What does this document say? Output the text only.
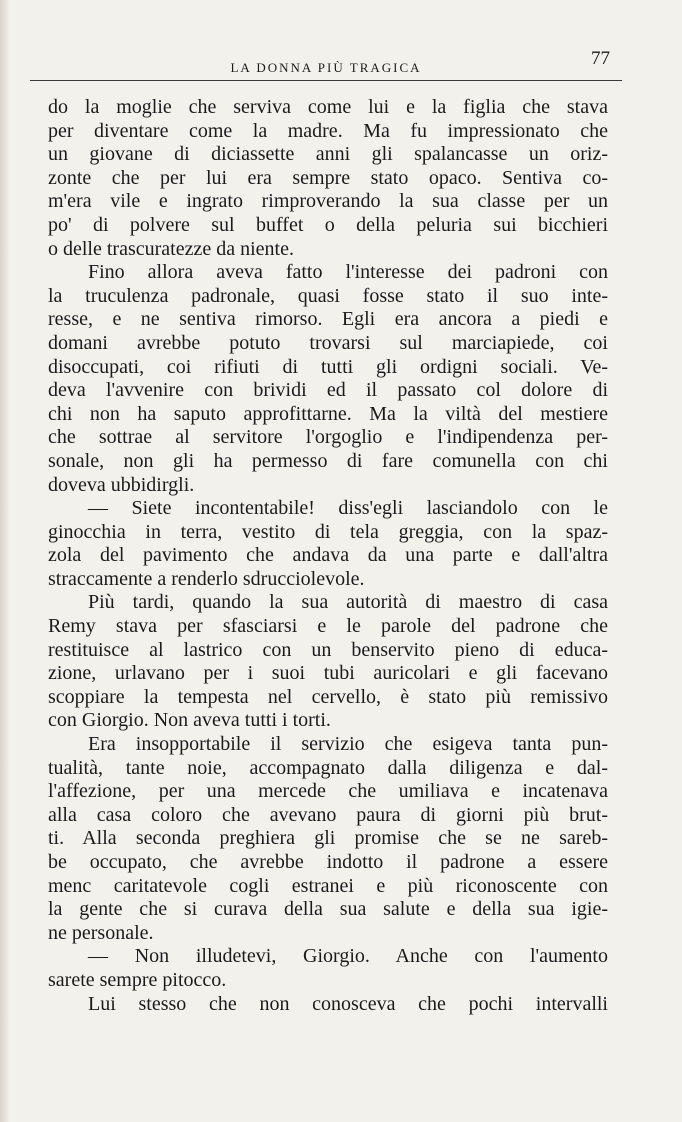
LA DONNA PIÙ TRAGICA	77
do la moglie che serviva come lui e la figlia che stava
per diventare come la madre. Ma fu impressionato che
un giovane di diciassette anni gli spalancasse un oriz-
zonte che per lui era sempre stato opaco. Sentiva co-
m'era vile e ingrato rimproverando la sua classe per un
po' di polvere sul buffet o della peluria sui bicchieri
o delle trascuratezze da niente.
Fino allora aveva fatto l'interesse dei padroni con
la truculenza padronale, quasi fosse stato il suo inte-
resse, e ne sentiva rimorso. Egli era ancora a piedi e
domani avrebbe potuto trovarsi sul marciapiede, coi
disoccupati, coi rifiuti di tutti gli ordigni sociali. Ve-
deva l'avvenire con brividi ed il passato col dolore di
chi non ha saputo approfittarne. Ma la viltà del mestiere
che sottrae al servitore l'orgoglio e l'indipendenza per-
sonale, non gli ha permesso di fare comunella con chi
doveva ubbidirgli.
— Siete incontentabile! diss'egli lasciandolo con le
ginocchia in terra, vestito di tela greggia, con la spaz-
zola del pavimento che andava da una parte e dall'altra
straccamente a renderlo sdrucciolevole.
Più tardi, quando la sua autorità di maestro di casa
Remy stava per sfasciarsi e le parole del padrone che
restituisce al lastrico con un benservito pieno di educa-
zione, urlavano per i suoi tubi auricolari e gli facevano
scoppiare la tempesta nel cervello, è stato più remissivo
con Giorgio. Non aveva tutti i torti.
Era insopportabile il servizio che esigeva tanta pun-
tualità, tante noie, accompagnato dalla diligenza e dal-
l'affezione, per una mercede che umiliava e incatenava
alla casa coloro che avevano paura di giorni più brut-
ti. Alla seconda preghiera gli promise che se ne sareb-
be occupato, che avrebbe indotto il padrone a essere
menc caritatevole cogli estranei e più riconoscente con
la gente che si curava della sua salute e della sua igie-
ne personale.
— Non illudetevi, Giorgio. Anche con l'aumento
sarete sempre pitocco.
Lui stesso che non conosceva che pochi intervalli
